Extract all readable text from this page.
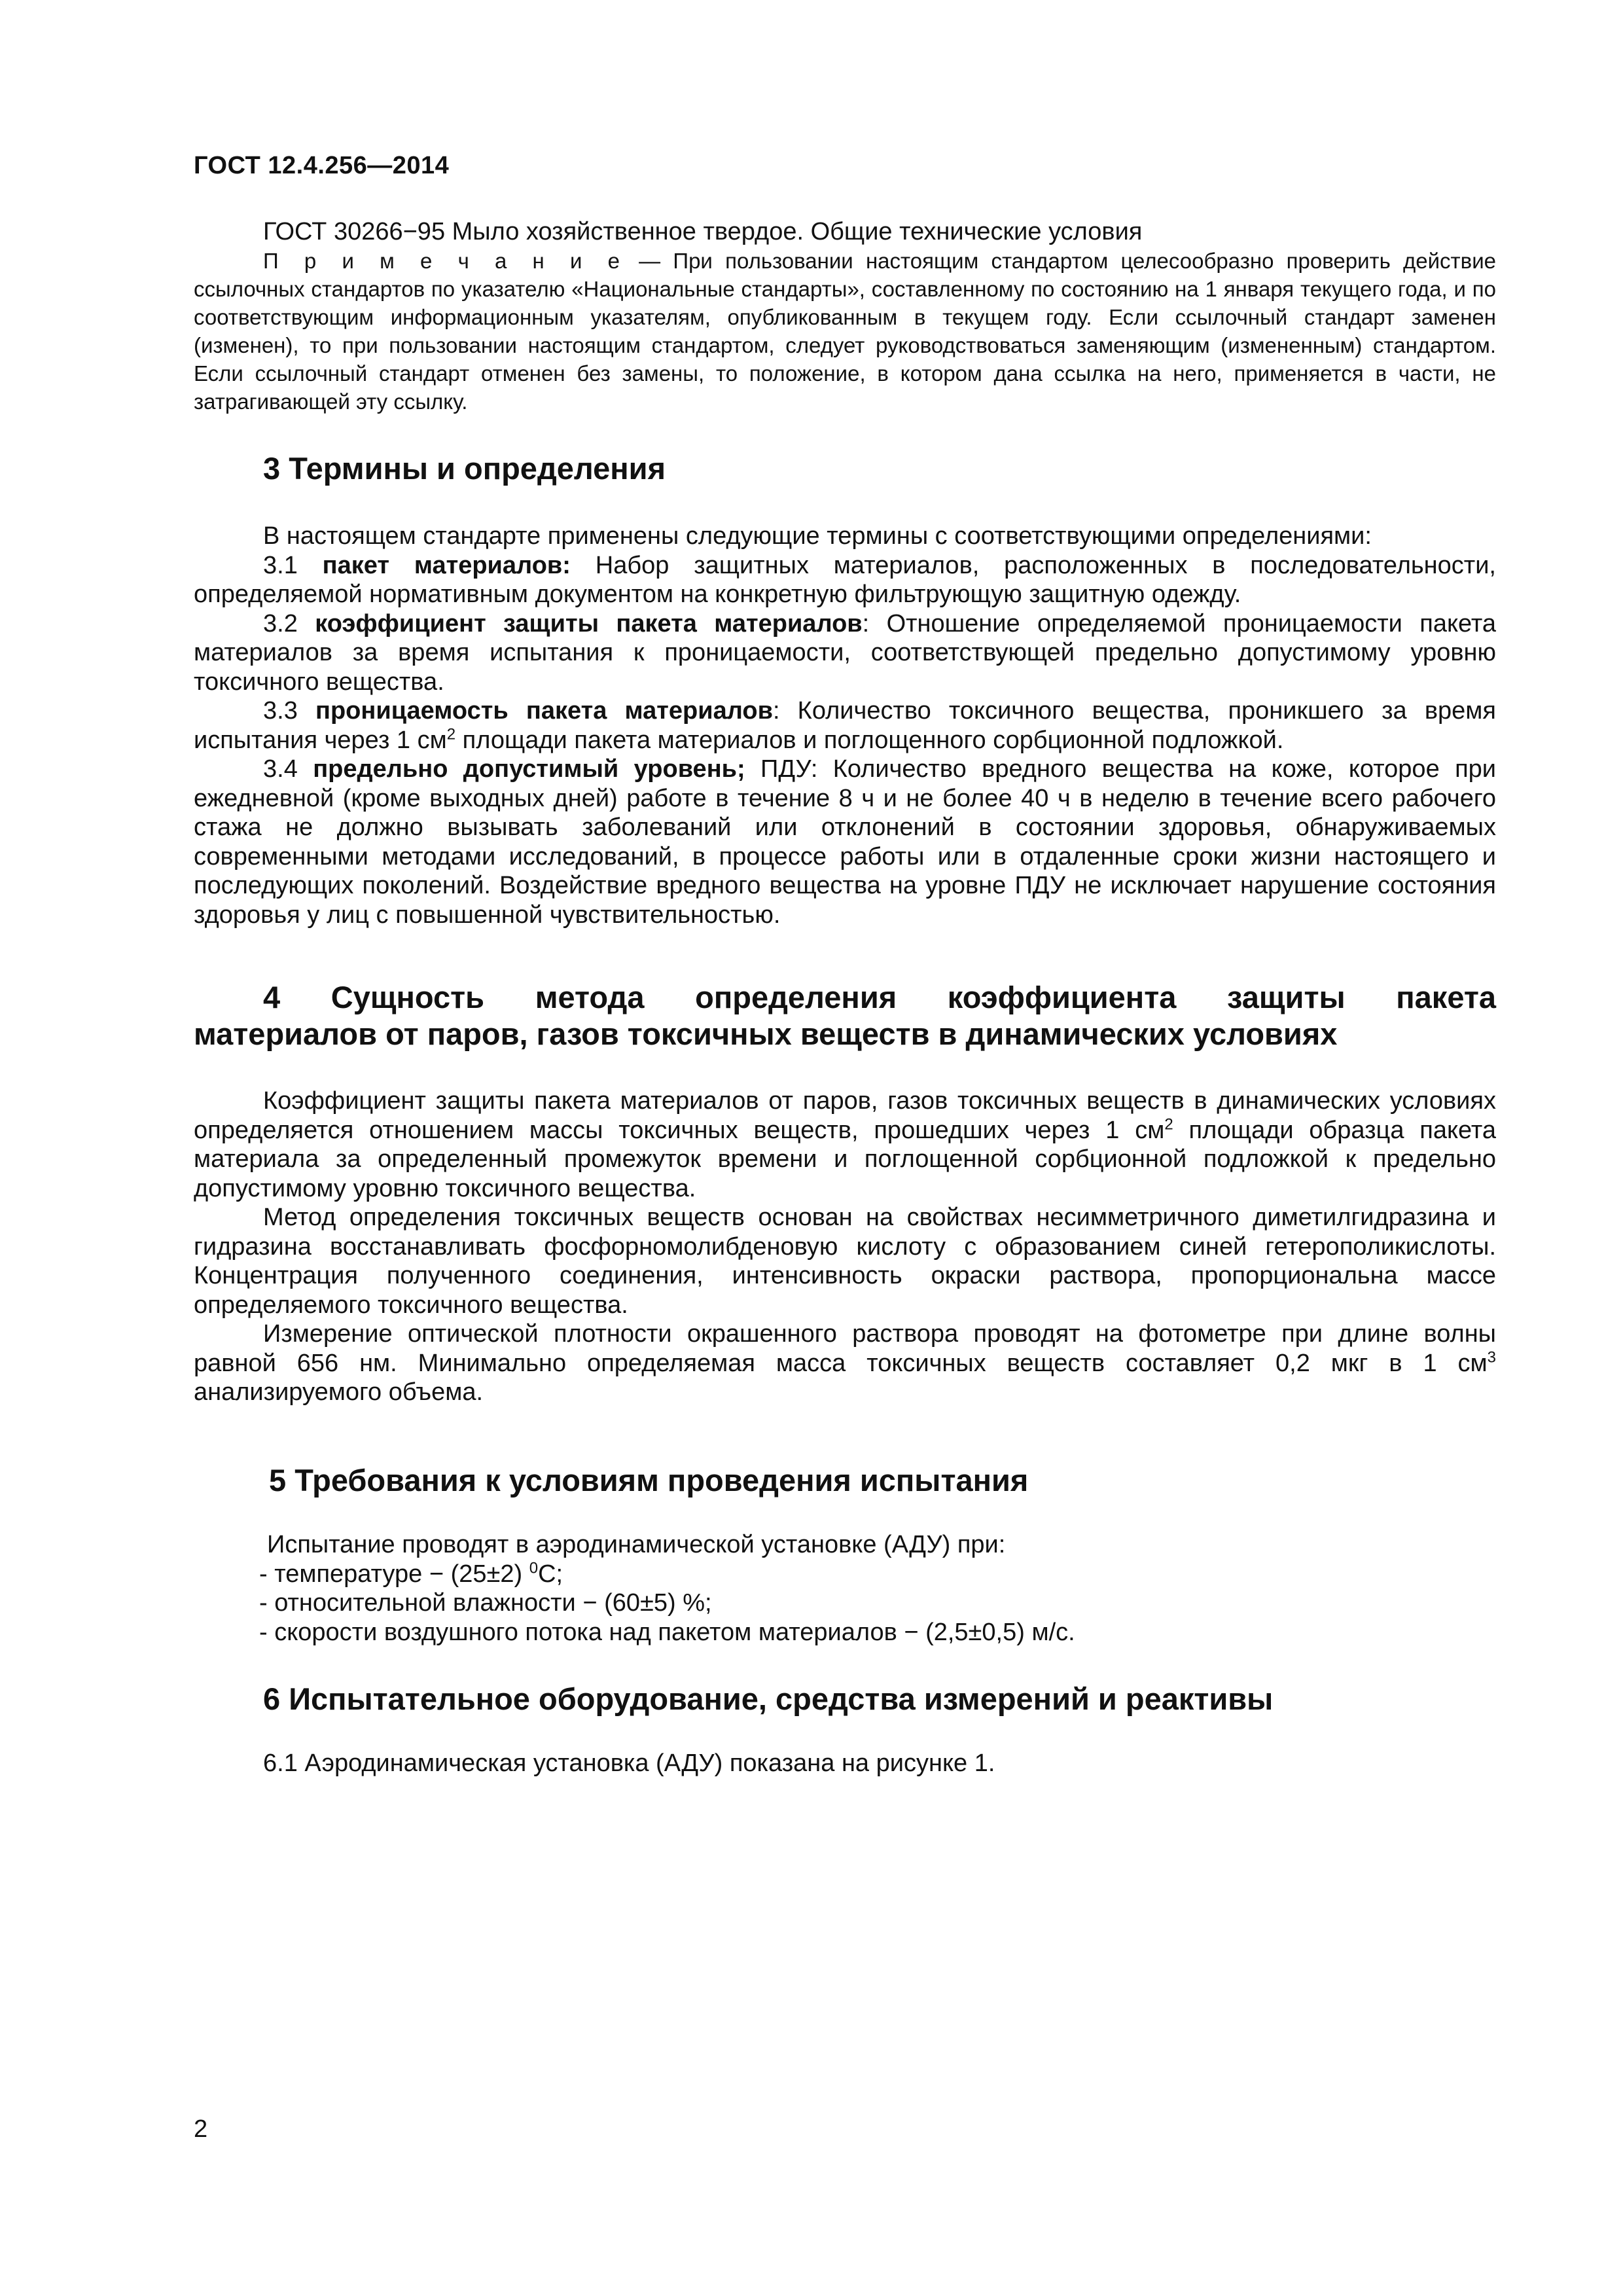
ГОСТ 12.4.256—2014

ГОСТ 30266−95 Мыло хозяйственное твердое. Общие технические условия

П р и м е ч а н и е — При пользовании настоящим стандартом целесообразно проверить действие ссылочных стандартов по указателю «Национальные стандарты», составленному по состоянию на 1 января текущего года, и по соответствующим информационным указателям, опубликованным в текущем году. Если ссылочный стандарт заменен (изменен), то при пользовании настоящим стандартом, следует руководствоваться заменяющим (измененным) стандартом. Если ссылочный стандарт отменен без замены, то положение, в котором дана ссылка на него, применяется в части, не затрагивающей эту ссылку.

3 Термины и определения

В настоящем стандарте применены следующие термины с соответствующими определениями:

3.1 пакет материалов: Набор защитных материалов, расположенных в последовательности, определяемой нормативным документом на конкретную фильтрующую защитную одежду.

3.2 коэффициент защиты пакета материалов: Отношение определяемой проницаемости пакета материалов за время испытания к проницаемости, соответствующей предельно допустимому уровню токсичного вещества.

3.3 проницаемость пакета материалов: Количество токсичного вещества, проникшего за время испытания через 1 $см^2$ площади пакета материалов и поглощенного сорбционной подложкой.

3.4 предельно допустимый уровень; ПДУ: Количество вредного вещества на коже, которое при ежедневной (кроме выходных дней) работе в течение 8 ч и не более 40 ч в неделю в течение всего рабочего стажа не должно вызывать заболеваний или отклонений в состоянии здоровья, обнаруживаемых современными методами исследований, в процессе работы или в отдаленные сроки жизни настоящего и последующих поколений. Воздействие вредного вещества на уровне ПДУ не исключает нарушение состояния здоровья у лиц с повышенной чувствительностью.

4 Сущность метода определения коэффициента защиты пакета

материалов от паров, газов токсичных веществ в динамических условиях

Коэффициент защиты пакета материалов от паров, газов токсичных веществ в динамических условиях определяется отношением массы токсичных веществ, прошедших через 1 $см^2$ площади образца пакета материала за определенный промежуток времени и поглощенной сорбционной подложкой к предельно допустимому уровню токсичного вещества.

Метод определения токсичных веществ основан на свойствах несимметричного диметилгидразина и гидразина восстанавливать фосфорномолибденовую кислоту с образованием синей гетерополикислоты. Концентрация полученного соединения, интенсивность окраски раствора, пропорциональна массе определяемого токсичного вещества.

Измерение оптической плотности окрашенного раствора проводят на фотометре при длине волны равной 656 нм. Минимально определяемая масса токсичных веществ составляет 0,2 мкг в 1 $см^3$ анализируемого объема.

5 Требования к условиям проведения испытания

Испытание проводят в аэродинамической установке (АДУ) при:

- температуре − (25±2) $^0$С;

- относительной влажности − (60±5) %;

- скорости воздушного потока над пакетом материалов − (2,5±0,5) м/с.

6 Испытательное оборудование, средства измерений и реактивы

6.1 Аэродинамическая установка (АДУ) показана на рисунке 1.

2
